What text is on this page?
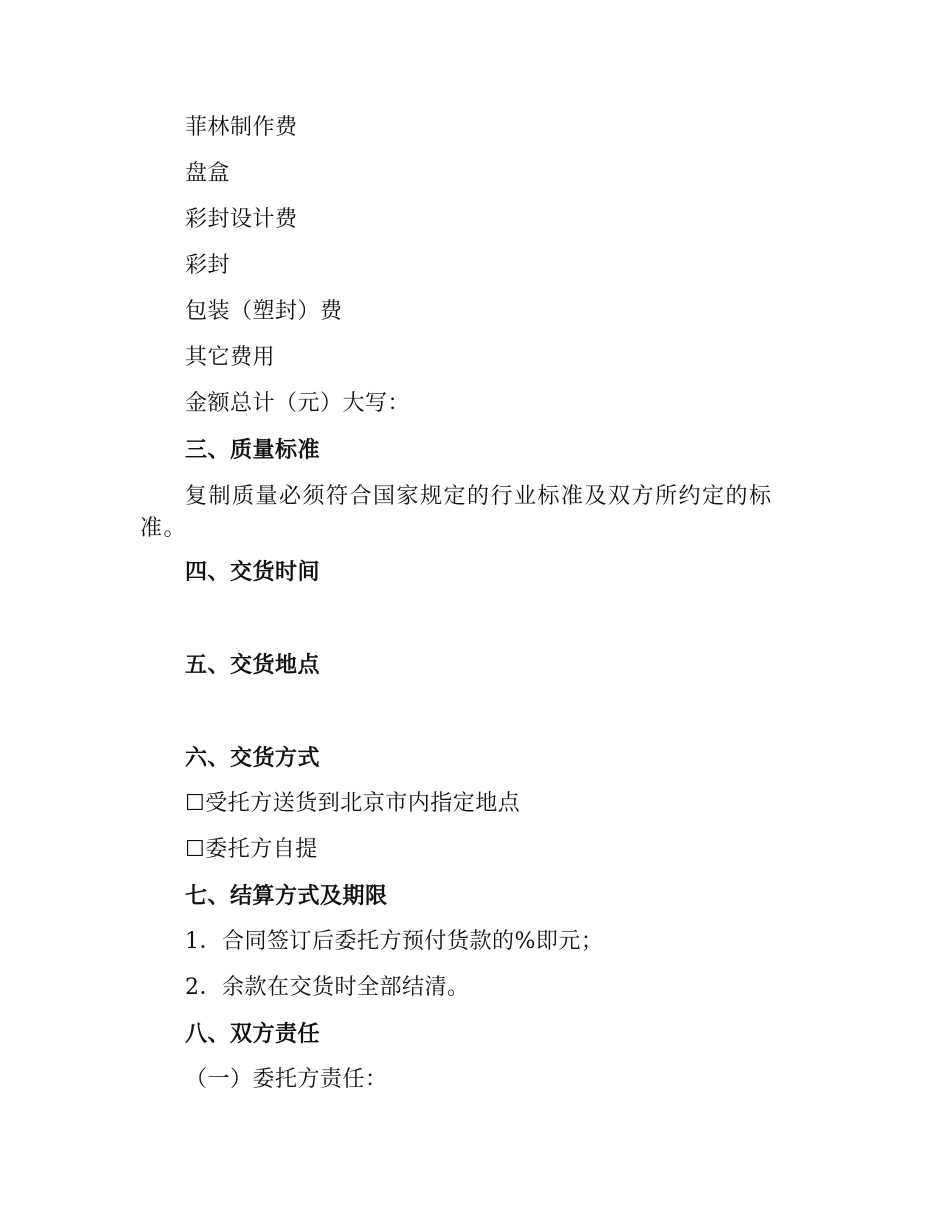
菲林制作费
盘盒
彩封设计费
彩封
包装（塑封）费
其它费用
金额总计（元）大写：
三、质量标准
复制质量必须符合国家规定的行业标准及双方所约定的标准。
四、交货时间
五、交货地点
六、交货方式
☐受托方送货到北京市内指定地点
☐委托方自提
七、结算方式及期限
1．合同签订后委托方预付货款的%即元；
2．余款在交货时全部结清。
八、双方责任
（一）委托方责任：
